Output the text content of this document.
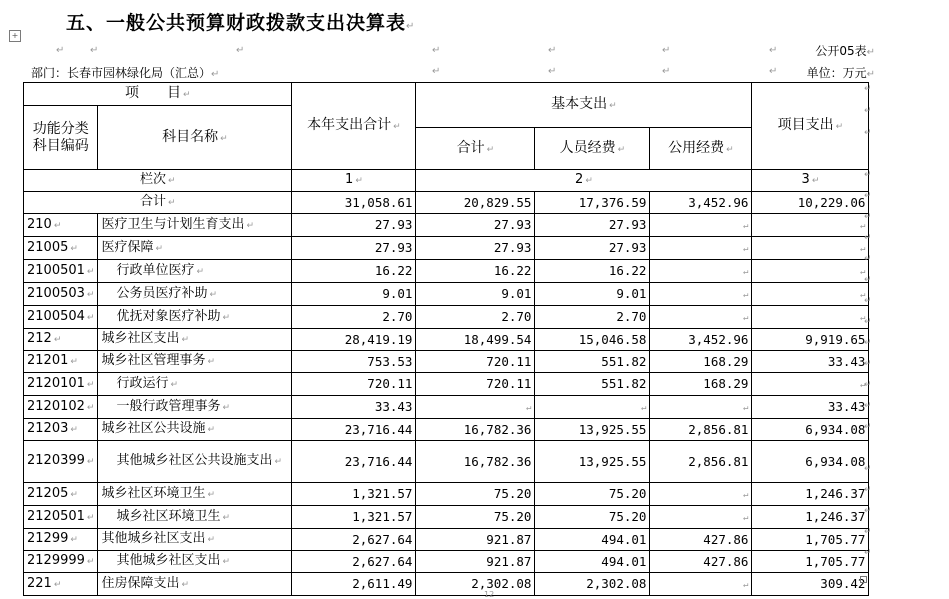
+
五、一般公共预算财政拨款支出决算表↵
↵	↵	↵	↵	↵	↵	↵	公开05表↵
部门：长春市园林绿化局（汇总）↵	↵	↵	↵	↵ 单位：万元↵
项　　目 ↵		本年支出合计 ↵	基本支出 ↵			项目支出 ↵
功能分类科目编码	科目名称 ↵					
			合计 ↵	人员经费 ↵	公用经费 ↵	
栏次 ↵		1 ↵	2 ↵			3 ↵
合计 ↵		31,058.61	20,829.55	17,376.59	3,452.96	10,229.06
210 ↵	医疗卫生与计划生育支出 ↵	27.93	27.93	27.93	↵	↵
21005 ↵	医疗保障 ↵	27.93	27.93	27.93	↵	↵
2100501 ↵	行政单位医疗 ↵	16.22	16.22	16.22	↵	↵
2100503 ↵	公务员医疗补助 ↵	9.01	9.01	9.01	↵	↵
2100504 ↵	优抚对象医疗补助 ↵	2.70	2.70	2.70	↵	↵
212 ↵	城乡社区支出 ↵	28,419.19	18,499.54	15,046.58	3,452.96	9,919.65
21201 ↵	城乡社区管理事务 ↵	753.53	720.11	551.82	168.29	33.43
2120101 ↵	行政运行 ↵	720.11	720.11	551.82	168.29	↵
2120102 ↵	一般行政管理事务 ↵	33.43	↵	↵	↵	33.43
21203 ↵	城乡社区公共设施 ↵	23,716.44	16,782.36	13,925.55	2,856.81	6,934.08
2120399 ↵	其他城乡社区公共设施支出 ↵	23,716.44	16,782.36	13,925.55	2,856.81	6,934.08
21205 ↵	城乡社区环境卫生 ↵	1,321.57	75.20	75.20	↵	1,246.37
2120501 ↵	城乡社区环境卫生 ↵	1,321.57	75.20	75.20	↵	1,246.37
21299 ↵	其他城乡社区支出 ↵	2,627.64	921.87	494.01	427.86	1,705.77
2129999 ↵	其他城乡社区支出 ↵	2,627.64	921.87	494.01	427.86	1,705.77
221 ↵	住房保障支出 ↵	2,611.49	2,302.08	2,302.08	↵	309.42
↵
↵
↵
↵
↵
↵
↵
↵
↵
↵
↵
↵
↵
↵
↵
↵
↵
↵
↵
↵
↵
12
